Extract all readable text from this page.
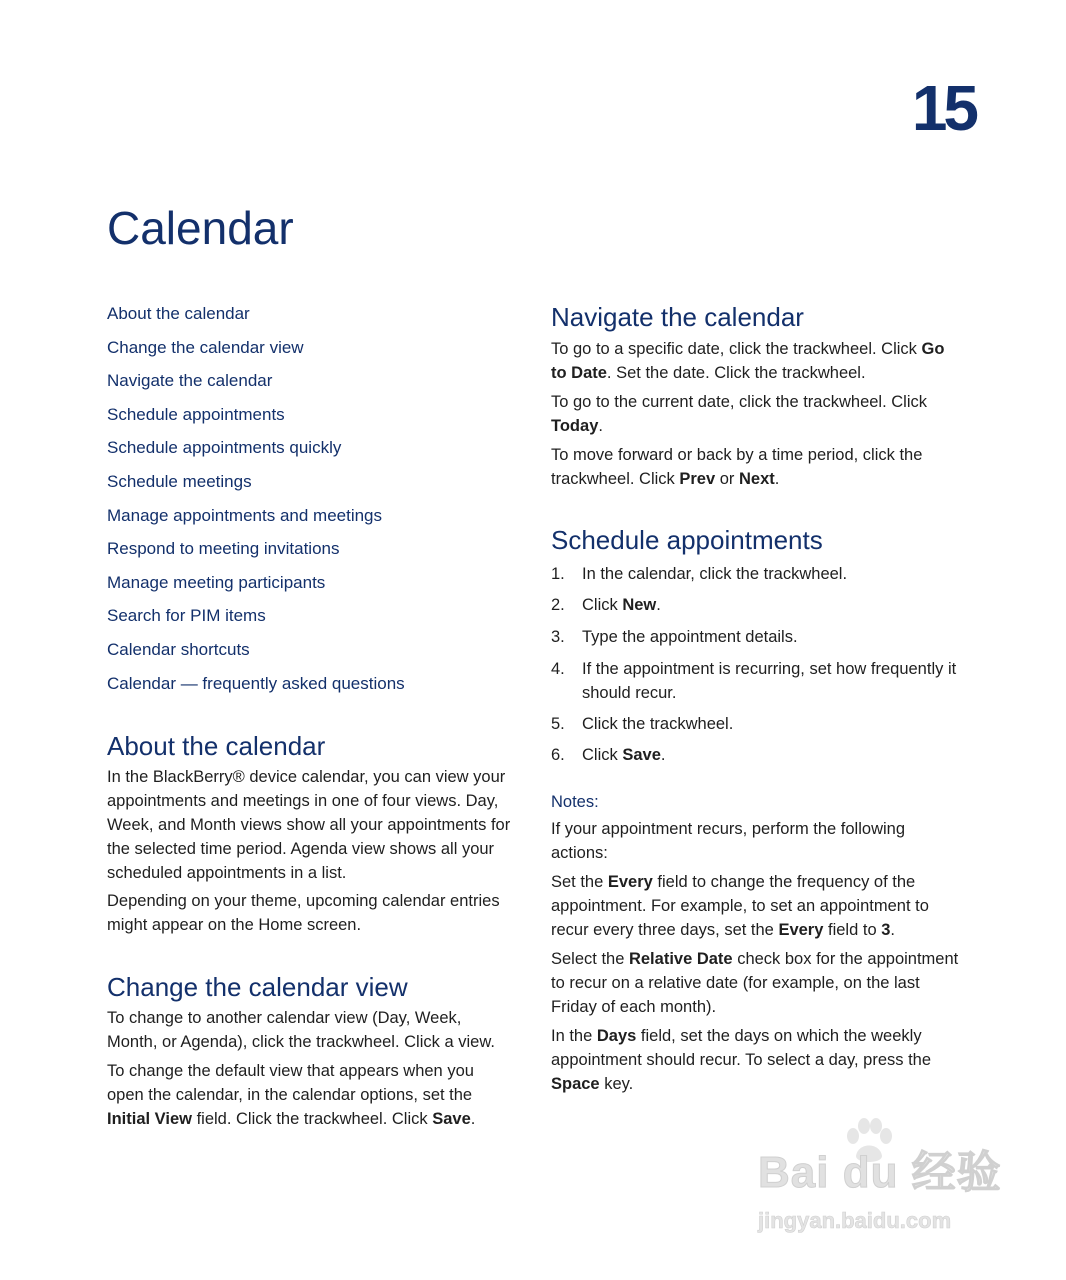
15
Calendar
About the calendar
Change the calendar view
Navigate the calendar
Schedule appointments
Schedule appointments quickly
Schedule meetings
Manage appointments and meetings
Respond to meeting invitations
Manage meeting participants
Search for PIM items
Calendar shortcuts
Calendar — frequently asked questions
About the calendar

In the BlackBerry® device calendar, you can view your appointments and meetings in one of four views. Day, Week, and Month views show all your appointments for the selected time period. Agenda view shows all your scheduled appointments in a list.

Depending on your theme, upcoming calendar entries might appear on the Home screen.

Change the calendar view

To change to another calendar view (Day, Week, Month, or Agenda), click the trackwheel. Click a view.

To change the default view that appears when you open the calendar, in the calendar options, set the Initial View field. Click the trackwheel. Click Save.

Navigate the calendar

To go to a specific date, click the trackwheel. Click Go to Date. Set the date. Click the trackwheel.

To go to the current date, click the trackwheel. Click Today.

To move forward or back by a time period, click the trackwheel. Click Prev or Next.

Schedule appointments
1. In the calendar, click the trackwheel.
2. Click New.
3. Type the appointment details.
4. If the appointment is recurring, set how frequently it should recur.
5. Click the trackwheel.
6. Click Save.
Notes:

If your appointment recurs, perform the following actions:

Set the Every field to change the frequency of the appointment. For example, to set an appointment to recur every three days, set the Every field to 3.

Select the Relative Date check box for the appointment to recur on a relative date (for example, on the last Friday of each month).

In the Days field, set the days on which the weekly appointment should recur. To select a day, press the Space key.

Bai du 经验
jingyan.baidu.com
